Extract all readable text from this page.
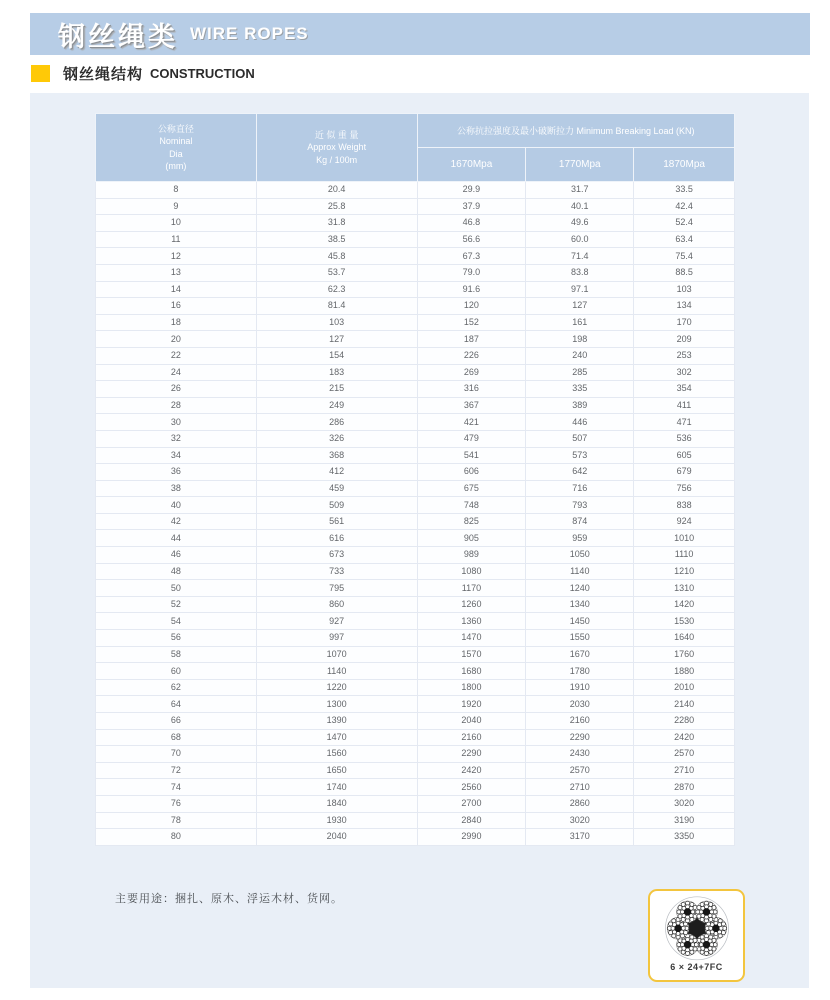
钢丝绳类 WIRE ROPES
钢丝绳结构 CONSTRUCTION
公称直径
Nominal
Dia
(mm)	近 似 重 量
Approx Weight
Kg / 100m	公称抗拉强度及最小破断拉力 Minimum Breaking Load (KN)		
		1670Mpa	1770Mpa	1870Mpa
8	20.4	29.9	31.7	33.5
9	25.8	37.9	40.1	42.4
10	31.8	46.8	49.6	52.4
11	38.5	56.6	60.0	63.4
12	45.8	67.3	71.4	75.4
13	53.7	79.0	83.8	88.5
14	62.3	91.6	97.1	103
16	81.4	120	127	134
18	103	152	161	170
20	127	187	198	209
22	154	226	240	253
24	183	269	285	302
26	215	316	335	354
28	249	367	389	411
30	286	421	446	471
32	326	479	507	536
34	368	541	573	605
36	412	606	642	679
38	459	675	716	756
40	509	748	793	838
42	561	825	874	924
44	616	905	959	1010
46	673	989	1050	1110
48	733	1080	1140	1210
50	795	1170	1240	1310
52	860	1260	1340	1420
54	927	1360	1450	1530
56	997	1470	1550	1640
58	1070	1570	1670	1760
60	1140	1680	1780	1880
62	1220	1800	1910	2010
64	1300	1920	2030	2140
66	1390	2040	2160	2280
68	1470	2160	2290	2420
70	1560	2290	2430	2570
72	1650	2420	2570	2710
74	1740	2560	2710	2870
76	1840	2700	2860	3020
78	1930	2840	3020	3190
80	2040	2990	3170	3350
主要用途：捆扎、原木、浮运木材、货网。
6 × 24+7FC
